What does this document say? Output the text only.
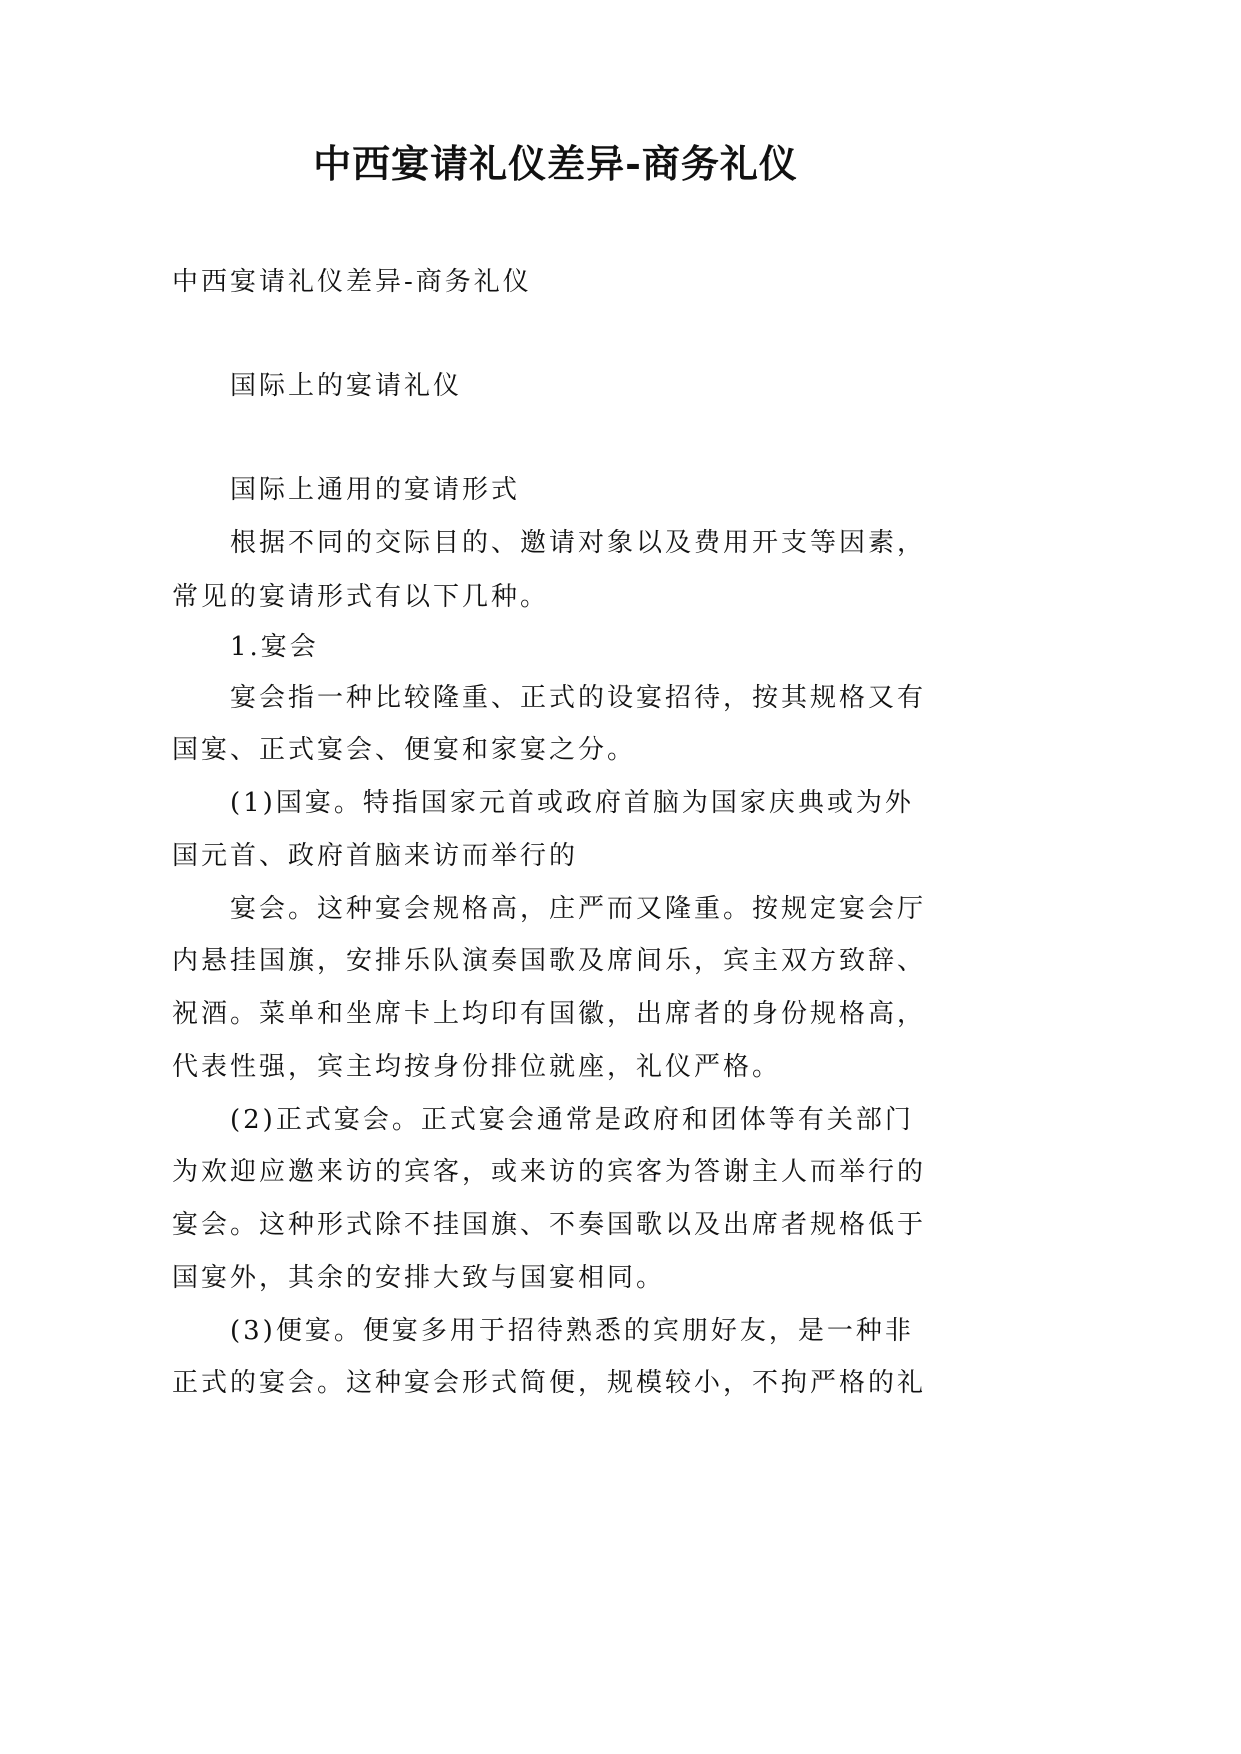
中西宴请礼仪差异-商务礼仪
中西宴请礼仪差异-商务礼仪
国际上的宴请礼仪
国际上通用的宴请形式
根据不同的交际目的、邀请对象以及费用开支等因素，
常见的宴请形式有以下几种。
1.宴会
宴会指一种比较隆重、正式的设宴招待，按其规格又有
国宴、正式宴会、便宴和家宴之分。
(1)国宴。特指国家元首或政府首脑为国家庆典或为外
国元首、政府首脑来访而举行的
宴会。这种宴会规格高，庄严而又隆重。按规定宴会厅
内悬挂国旗，安排乐队演奏国歌及席间乐，宾主双方致辞、
祝酒。菜单和坐席卡上均印有国徽，出席者的身份规格高，
代表性强，宾主均按身份排位就座，礼仪严格。
(2)正式宴会。正式宴会通常是政府和团体等有关部门
为欢迎应邀来访的宾客，或来访的宾客为答谢主人而举行的
宴会。这种形式除不挂国旗、不奏国歌以及出席者规格低于
国宴外，其余的安排大致与国宴相同。
(3)便宴。便宴多用于招待熟悉的宾朋好友，是一种非
正式的宴会。这种宴会形式简便，规模较小，不拘严格的礼
